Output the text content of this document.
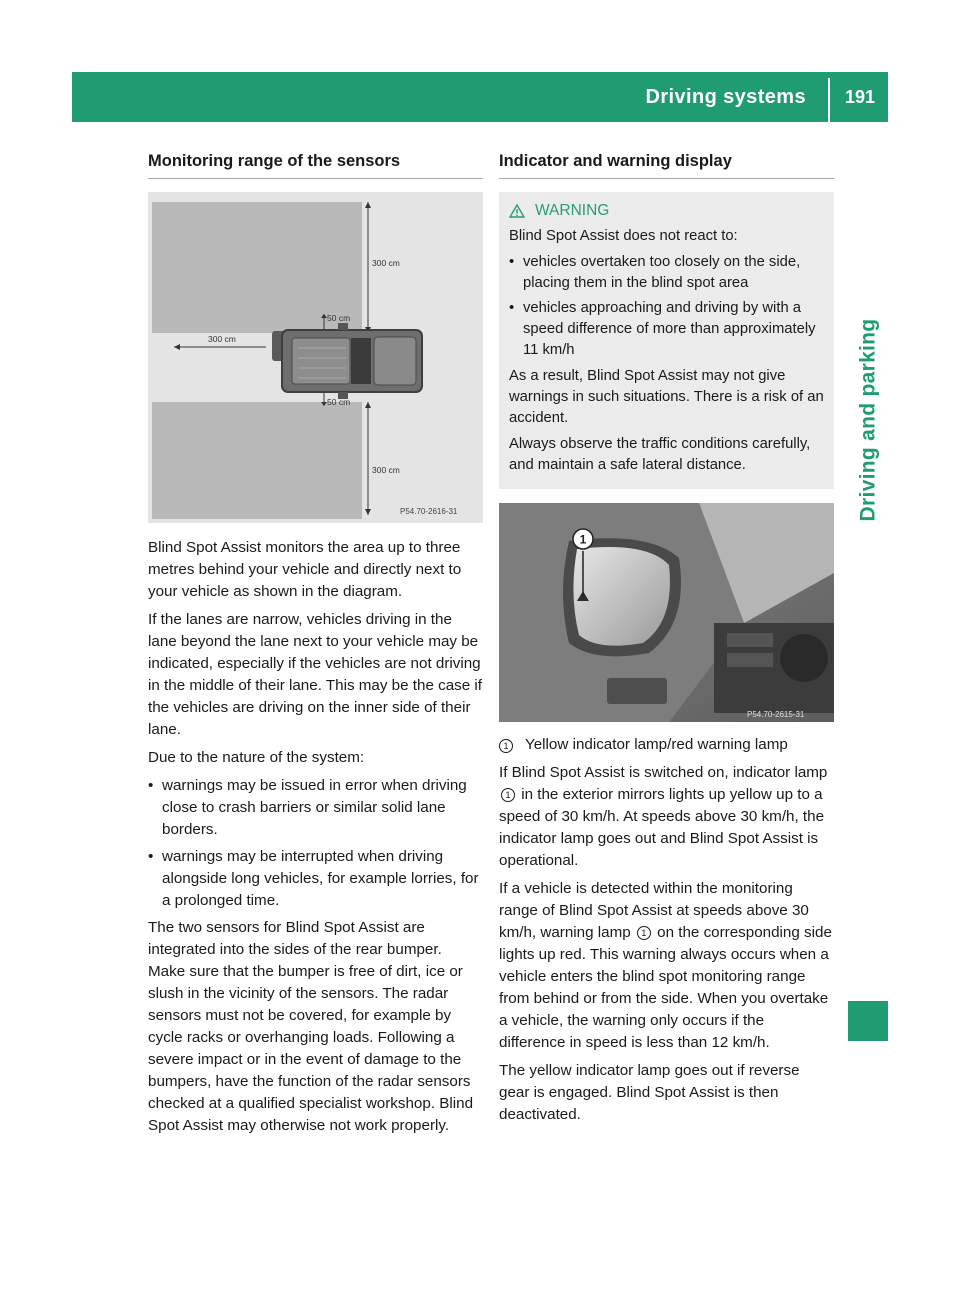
Driving systems	191
Driving and parking
Monitoring range of the sensors
300 cm
300 cm
300 cm
50 cm
50 cm
P54.70-2616-31

Blind Spot Assist monitors the area up to three metres behind your vehicle and directly next to your vehicle as shown in the diagram.

If the lanes are narrow, vehicles driving in the lane beyond the lane next to your vehicle may be indicated, especially if the vehicles are not driving in the middle of their lane. This may be the case if the vehicles are driving on the inner side of their lane.

Due to the nature of the system:

• warnings may be issued in error when driving close to crash barriers or similar solid lane borders.
• warnings may be interrupted when driving alongside long vehicles, for example lorries, for a prolonged time.

The two sensors for Blind Spot Assist are integrated into the sides of the rear bumper. Make sure that the bumper is free of dirt, ice or slush in the vicinity of the sensors. The radar sensors must not be covered, for example by cycle racks or overhanging loads. Following a severe impact or in the event of damage to the bumpers, have the function of the radar sensors checked at a qualified specialist workshop. Blind Spot Assist may otherwise not work properly.

Indicator and warning display
WARNING

Blind Spot Assist does not react to:

• vehicles overtaken too closely on the side, placing them in the blind spot area
• vehicles approaching and driving by with a speed difference of more than approximately 11 km/h

As a result, Blind Spot Assist may not give warnings in such situations. There is a risk of an accident.

Always observe the traffic conditions carefully, and maintain a safe lateral distance.

1
P54.70-2615-31
1 Yellow indicator lamp/red warning lamp

If Blind Spot Assist is switched on, indicator lamp 1 in the exterior mirrors lights up yellow up to a speed of 30 km/h. At speeds above 30 km/h, the indicator lamp goes out and Blind Spot Assist is operational.

If a vehicle is detected within the monitoring range of Blind Spot Assist at speeds above 30 km/h, warning lamp 1 on the corresponding side lights up red. This warning always occurs when a vehicle enters the blind spot monitoring range from behind or from the side. When you overtake a vehicle, the warning only occurs if the difference in speed is less than 12 km/h.

The yellow indicator lamp goes out if reverse gear is engaged. Blind Spot Assist is then deactivated.
